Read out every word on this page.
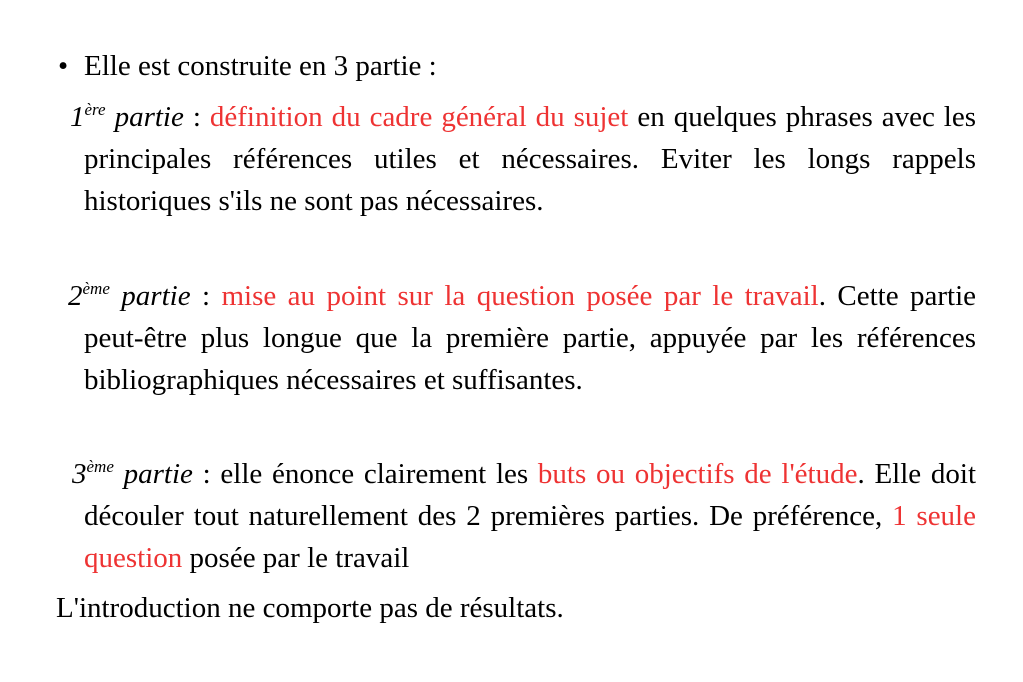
• Elle est construite en 3 partie :
1ère partie : définition du cadre général du sujet en quelques phrases avec les principales références utiles et nécessaires. Eviter les longs rappels historiques s'ils ne sont pas nécessaires.
2ème partie : mise au point sur la question posée par le travail. Cette partie peut-être plus longue que la première partie, appuyée par les références bibliographiques nécessaires et suffisantes.
3ème partie : elle énonce clairement les buts ou objectifs de l'étude. Elle doit découler tout naturellement des 2 premières parties. De préférence, 1 seule question posée par le travail
L'introduction ne comporte pas de résultats.
